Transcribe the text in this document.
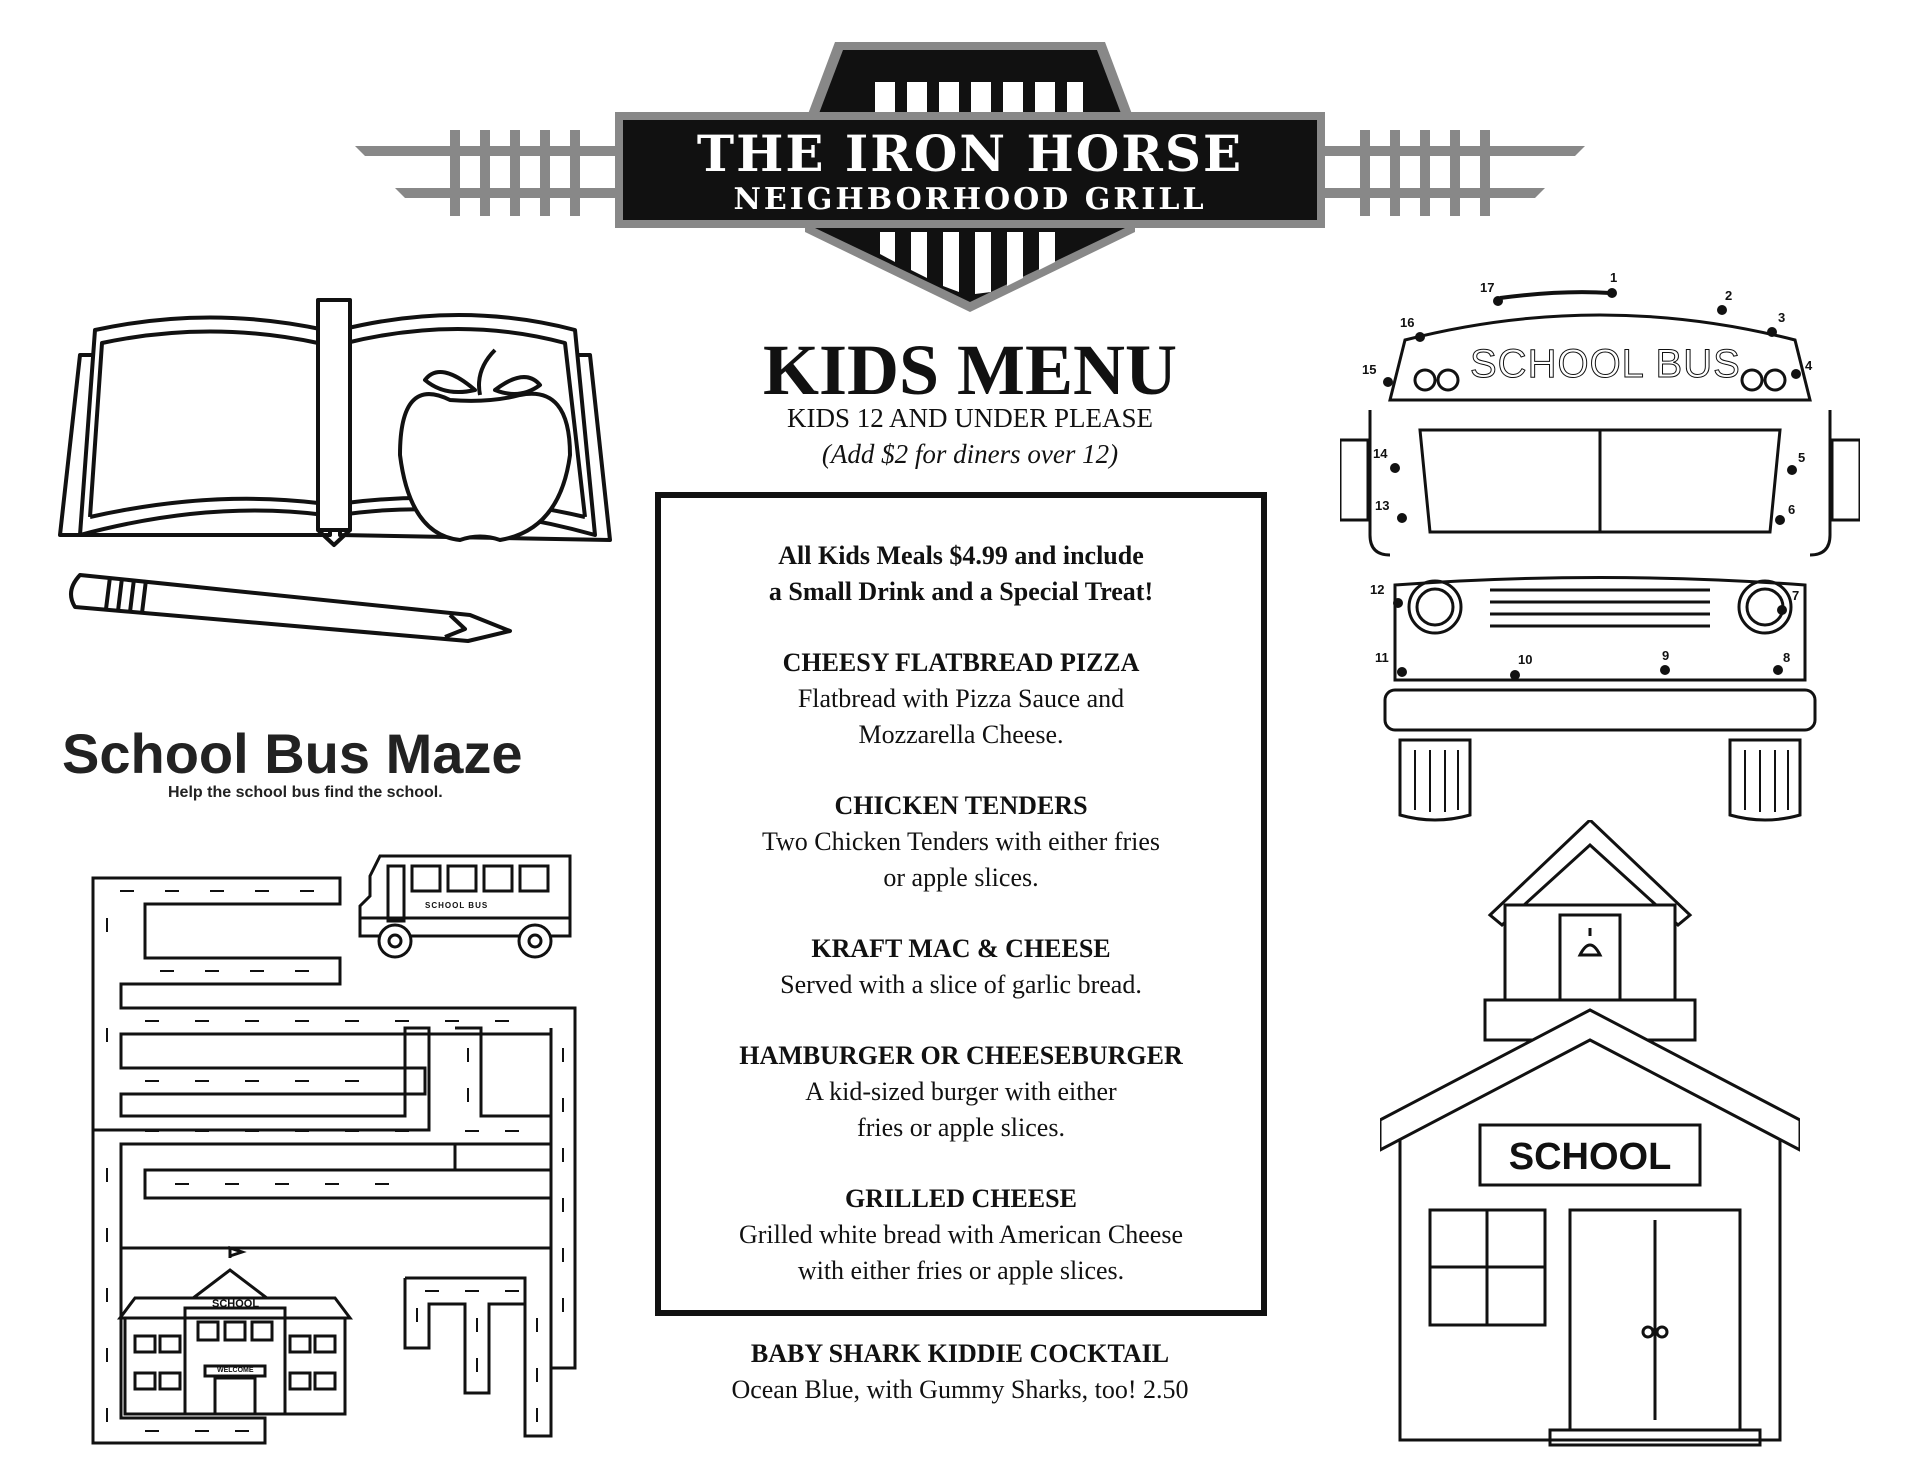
THE IRON HORSE
NEIGHBORHOOD GRILL
KIDS MENU
KIDS 12 AND UNDER PLEASE
(Add $2 for diners over 12)
All Kids Meals $4.99 and include
a Small Drink and a Special Treat!
CHEESY FLATBREAD PIZZA
Flatbread with Pizza Sauce and
Mozzarella Cheese.
CHICKEN TENDERS
Two Chicken Tenders with either fries
or apple slices.
KRAFT MAC & CHEESE
Served with a slice of garlic bread.
HAMBURGER OR CHEESEBURGER
A kid-sized burger with either
fries or apple slices.
GRILLED CHEESE
Grilled white bread with American Cheese
with either fries or apple slices.
BABY SHARK KIDDIE COCKTAIL
Ocean Blue, with Gummy Sharks, too! 2.50
School Bus Maze
Help the school bus find the school.
SCHOOL BUS
SCHOOL
WELCOME
SCHOOL BUS
1
2
3
4
5
6
7
8
9
10
11
12
13
14
15
16
17
SCHOOL
